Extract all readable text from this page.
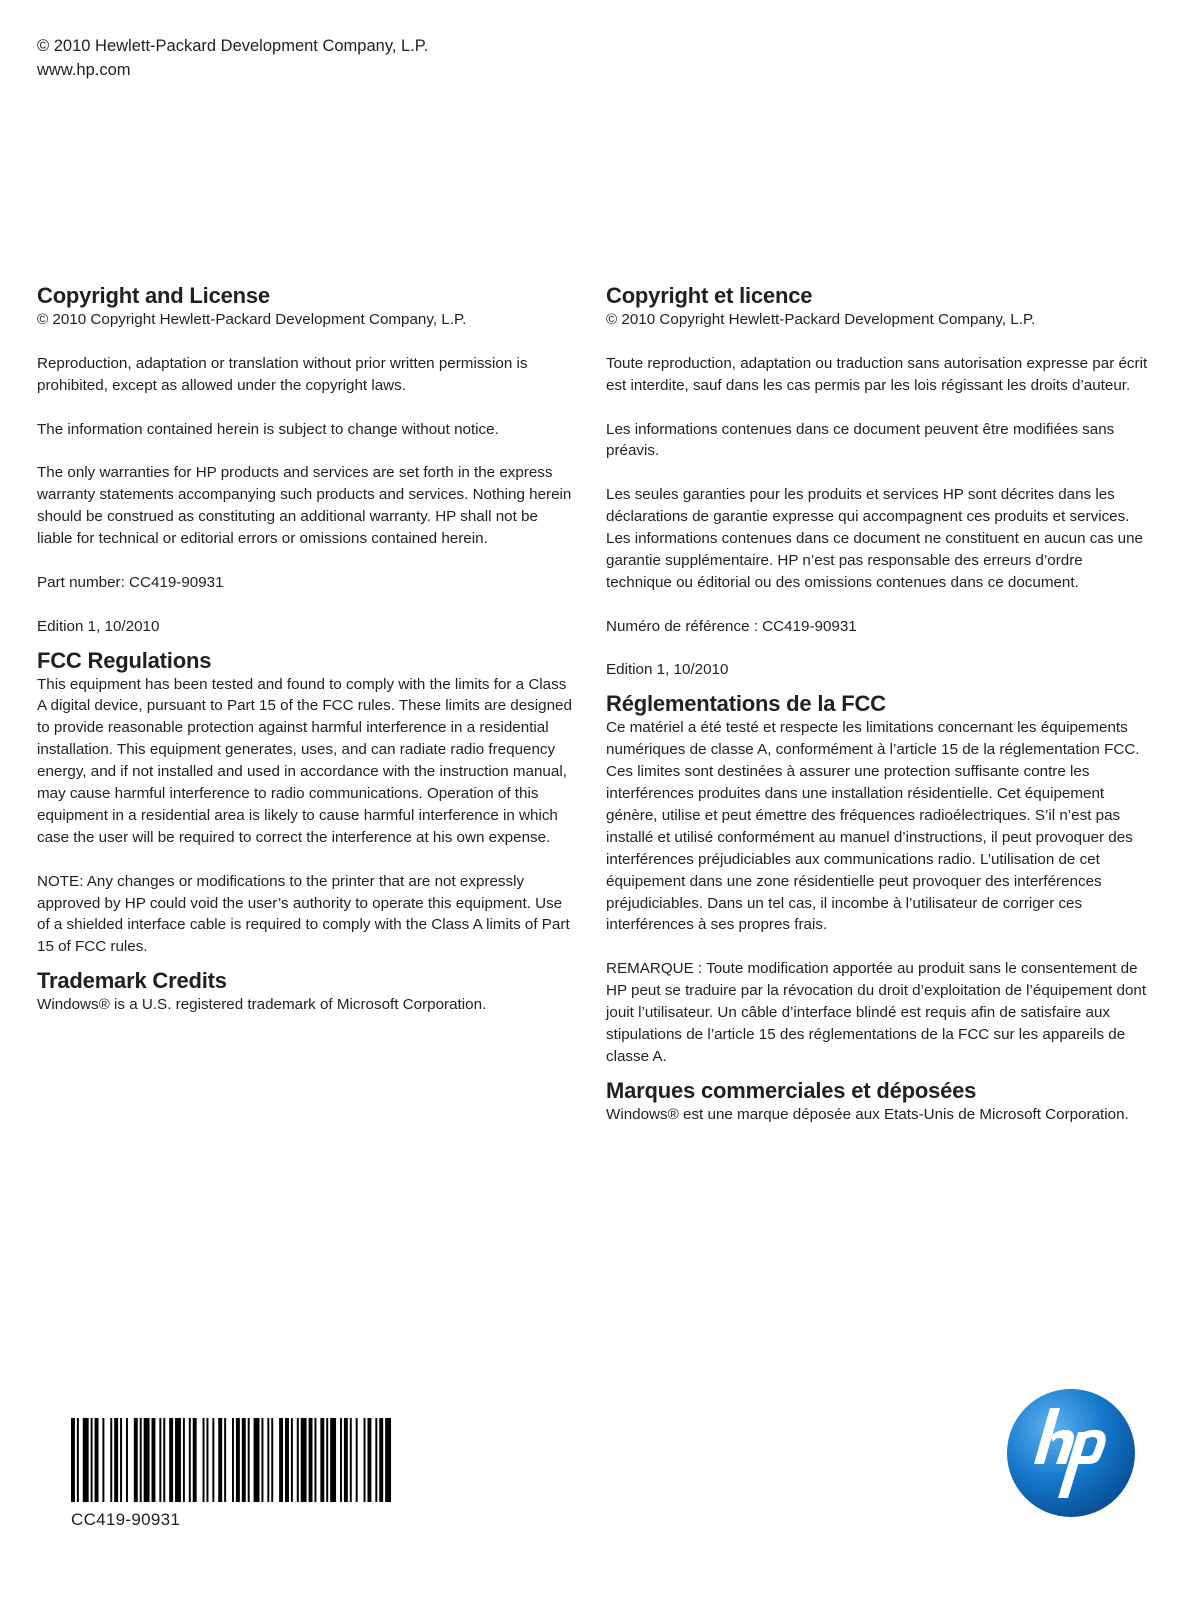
© 2010 Hewlett-Packard Development Company, L.P.
www.hp.com
Copyright and License

© 2010 Copyright Hewlett-Packard Development Company, L.P.

Reproduction, adaptation or translation without prior written permission is prohibited, except as allowed under the copyright laws.

The information contained herein is subject to change without notice.

The only warranties for HP products and services are set forth in the express warranty statements accompanying such products and services. Nothing herein should be construed as constituting an additional warranty. HP shall not be liable for technical or editorial errors or omissions contained herein.

Part number: CC419-90931

Edition 1, 10/2010

FCC Regulations

This equipment has been tested and found to comply with the limits for a Class A digital device, pursuant to Part 15 of the FCC rules. These limits are designed to provide reasonable protection against harmful interference in a residential installation. This equipment generates, uses, and can radiate radio frequency energy, and if not installed and used in accordance with the instruction manual, may cause harmful interference to radio communications. Operation of this equipment in a residential area is likely to cause harmful interference in which case the user will be required to correct the interference at his own expense.

NOTE: Any changes or modifications to the printer that are not expressly approved by HP could void the user’s authority to operate this equipment. Use of a shielded interface cable is required to comply with the Class A limits of Part 15 of FCC rules.

Trademark Credits

Windows® is a U.S. registered trademark of Microsoft Corporation.

Copyright et licence

© 2010 Copyright Hewlett-Packard Development Company, L.P.

Toute reproduction, adaptation ou traduction sans autorisation expresse par écrit est interdite, sauf dans les cas permis par les lois régissant les droits d’auteur.

Les informations contenues dans ce document peuvent être modifiées sans préavis.

Les seules garanties pour les produits et services HP sont décrites dans les déclarations de garantie expresse qui accompagnent ces produits et services. Les informations contenues dans ce document ne constituent en aucun cas une garantie supplémentaire. HP n’est pas responsable des erreurs d’ordre technique ou éditorial ou des omissions contenues dans ce document.

Numéro de référence : CC419-90931

Edition 1, 10/2010

Réglementations de la FCC

Ce matériel a été testé et respecte les limitations concernant les équipements numériques de classe A, conformément à l’article 15 de la réglementation FCC. Ces limites sont destinées à assurer une protection suffisante contre les interférences produites dans une installation résidentielle. Cet équipement génère, utilise et peut émettre des fréquences radioélectriques. S’il n’est pas installé et utilisé conformément au manuel d’instructions, il peut provoquer des interférences préjudiciables aux communications radio. L’utilisation de cet équipement dans une zone résidentielle peut provoquer des interférences préjudiciables. Dans un tel cas, il incombe à l’utilisateur de corriger ces interférences à ses propres frais.

REMARQUE : Toute modification apportée au produit sans le consentement de HP peut se traduire par la révocation du droit d’exploitation de l’équipement dont jouit l’utilisateur. Un câble d’interface blindé est requis afin de satisfaire aux stipulations de l’article 15 des réglementations de la FCC sur les appareils de classe A.

Marques commerciales et déposées

Windows® est une marque déposée aux Etats-Unis de Microsoft Corporation.

CC419-90931
